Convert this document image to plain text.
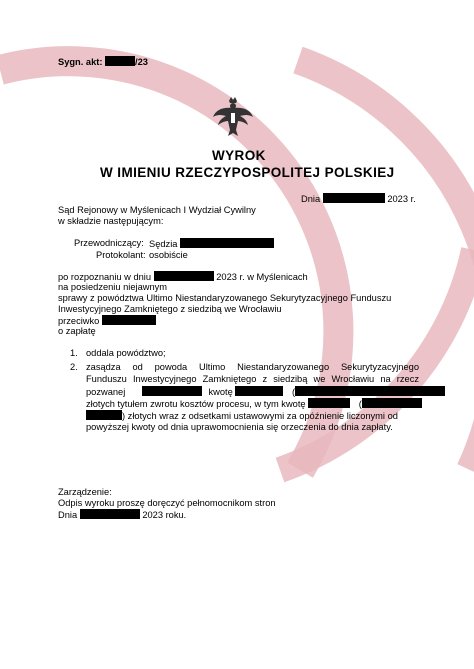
Sygn. akt:	/23
WYROK
W IMIENIU RZECZYPOSPOLITEJ POLSKIEJ
Dnia	2023 r.
Sąd Rejonowy w Myślenicach I Wydział Cywilny
w składzie następującym:
Przewodniczący: Sędzia
Protokolant: osobiście
po rozpoznaniu w dniu	2023 r. w Myślenicach
na posiedzeniu niejawnym
sprawy z powództwa Ultimo Niestandaryzowanego Sekurytyzacyjnego Funduszu
Inwestycyjnego Zamkniętego z siedzibą we Wrocławiu
przeciwko
o zapłatę
1. oddala powództwo;
2. zasądza od powoda Ultimo Niestandaryzowanego Sekurytyzacyjnego
Funduszu Inwestycyjnego Zamkniętego z siedzibą we Wrocławiu na rzecz
pozwanej	kwotę	(
złotych tytułem zwrotu kosztów procesu, w tym kwotę	(
) złotych wraz z odsetkami ustawowymi za opóźnienie liczonymi od
powyższej kwoty od dnia uprawomocnienia się orzeczenia do dnia zapłaty.
Zarządzenie:
Odpis wyroku proszę doręczyć pełnomocnikom stron
Dnia	2023 roku.
